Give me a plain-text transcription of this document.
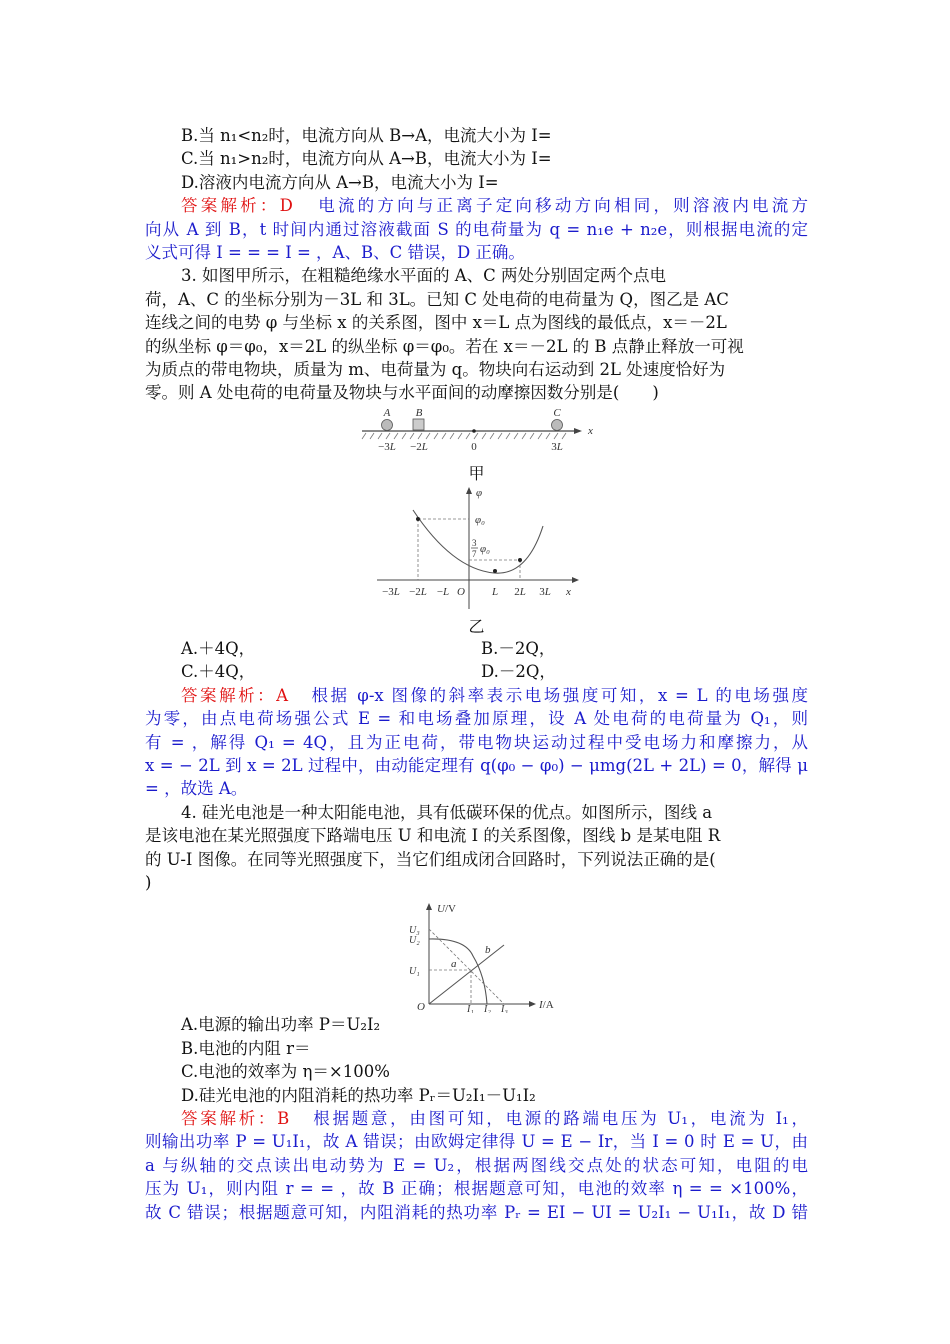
B.当 n₁<n₂时，电流方向从 B→A，电流大小为 I=
C.当 n₁>n₂时，电流方向从 A→B，电流大小为 I=
D.溶液内电流方向从 A→B，电流大小为 I=
答案解析：D 电流的方向与正离子定向移动方向相同，则溶液内电流方
向从 A 到 B，t 时间内通过溶液截面 S 的电荷量为 q = n₁e + n₂e，则根据电流的定
义式可得 I = = = I = ，A、B、C 错误，D 正确。
3. 如图甲所示，在粗糙绝缘水平面的 A、C 两处分别固定两个点电
荷，A、C 的坐标分别为－3L 和 3L。已知 C 处电荷的电荷量为 Q，图乙是 AC
连线之间的电势 φ 与坐标 x 的关系图，图中 x＝L 点为图线的最低点，x＝－2L
的纵坐标 φ＝φ₀，x＝2L 的纵坐标 φ＝φ₀。若在 x＝－2L 的 B 点静止释放一可视
为质点的带电物块，质量为 m、电荷量为 q。物块向右运动到 2L 处速度恰好为
零。则 A 处电荷的电荷量及物块与水平面间的动摩擦因数分别是(　　)
A B	C
x
−3L −2L	0	3L
甲
φ
φ₀
3
7 φ₀
−3L −2L −L O L 2L 3L x
乙
A.＋4Q，	B.－2Q，
C.＋4Q，	D.－2Q，
答案解析：A 根据 φ-x 图像的斜率表示电场强度可知，x = L 的电场强度
为零，由点电荷场强公式 E = 和电场叠加原理，设 A 处电荷的电荷量为 Q₁，则
有 = ，解得 Q₁ = 4Q，且为正电荷，带电物块运动过程中受电场力和摩擦力，从
x = − 2L 到 x = 2L 过程中，由动能定理有 q(φ₀ − φ₀) − μmg(2L + 2L) = 0，解得 μ
= ，故选 A。
4. 硅光电池是一种太阳能电池，具有低碳环保的优点。如图所示，图线 a
是该电池在某光照强度下路端电压 U 和电流 I 的关系图像，图线 b 是某电阻 R
的 U-I 图像。在同等光照强度下，当它们组成闭合回路时，下列说法正确的是(
)
U/V
U₃
U₂
U₁
a
b
O	I₁ I₂ I₃	I/A
A.电源的输出功率 P＝U₂I₂
B.电池的内阻 r＝
C.电池的效率为 η＝×100%
D.硅光电池的内阻消耗的热功率 Pᵣ＝U₂I₁－U₁I₂
答案解析：B 根据题意，由图可知，电源的路端电压为 U₁，电流为 I₁，
则输出功率 P = U₁I₁，故 A 错误；由欧姆定律得 U = E − Ir，当 I = 0 时 E = U，由
a 与纵轴的交点读出电动势为 E = U₂，根据两图线交点处的状态可知，电阻的电
压为 U₁，则内阻 r = = ，故 B 正确；根据题意可知，电池的效率 η = = ×100%，
故 C 错误；根据题意可知，内阻消耗的热功率 Pᵣ = EI − UI = U₂I₁ − U₁I₁，故 D 错
